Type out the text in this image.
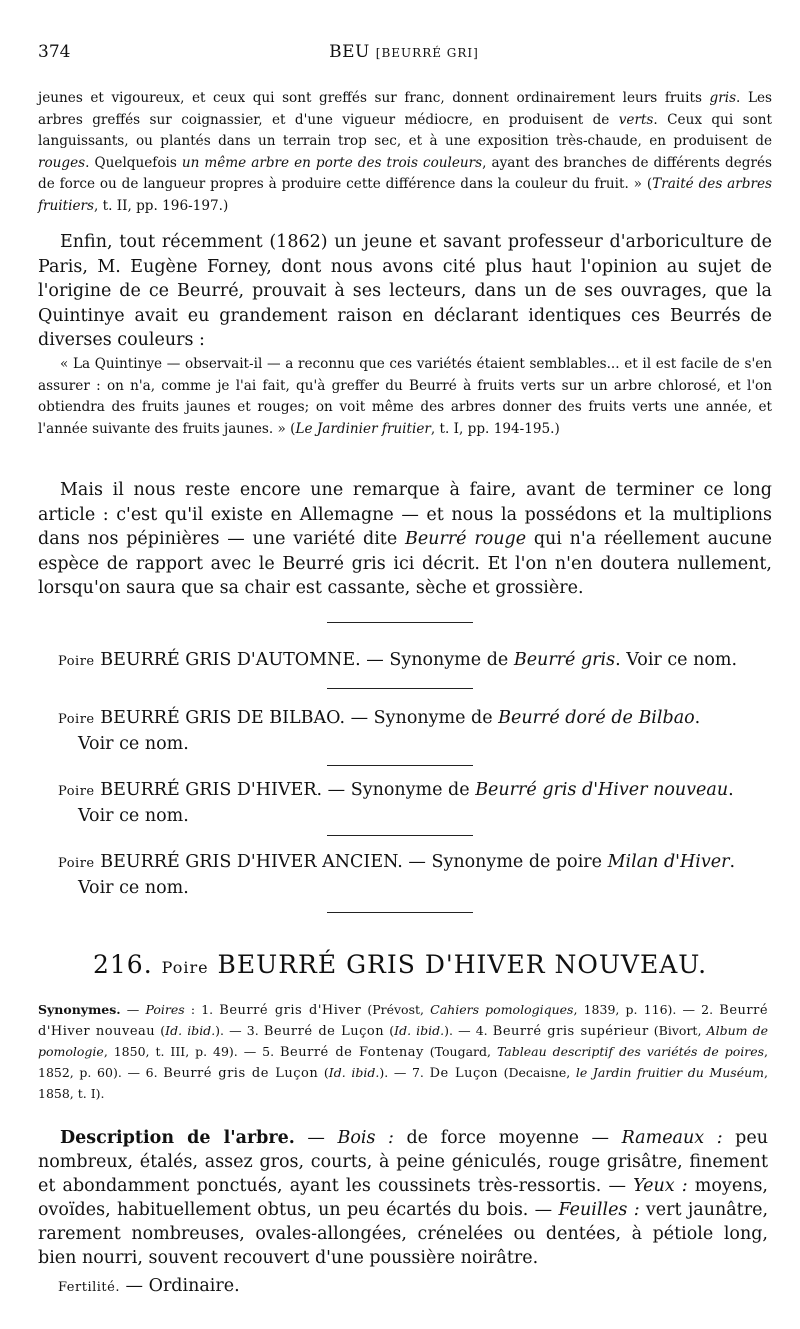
374	BEU [BEURRÉ GRI]
jeunes et vigoureux, et ceux qui sont greffés sur franc, donnent ordinairement leurs fruits gris. Les arbres greffés sur coignassier, et d'une vigueur médiocre, en produisent de verts. Ceux qui sont languissants, ou plantés dans un terrain trop sec, et à une exposition très-chaude, en produisent de rouges. Quelquefois un même arbre en porte des trois couleurs, ayant des branches de différents degrés de force ou de langueur propres à produire cette différence dans la couleur du fruit. » (Traité des arbres fruitiers, t. II, pp. 196-197.)
Enfin, tout récemment (1862) un jeune et savant professeur d'arboriculture de Paris, M. Eugène Forney, dont nous avons cité plus haut l'opinion au sujet de l'origine de ce Beurré, prouvait à ses lecteurs, dans un de ses ouvrages, que la Quintinye avait eu grandement raison en déclarant identiques ces Beurrés de diverses couleurs :
« La Quintinye — observait-il — a reconnu que ces variétés étaient semblables... et il est facile de s'en assurer : on n'a, comme je l'ai fait, qu'à greffer du Beurré à fruits verts sur un arbre chlorosé, et l'on obtiendra des fruits jaunes et rouges; on voit même des arbres donner des fruits verts une année, et l'année suivante des fruits jaunes. » (Le Jardinier fruitier, t. I, pp. 194-195.)
Mais il nous reste encore une remarque à faire, avant de terminer ce long article : c'est qu'il existe en Allemagne — et nous la possédons et la multiplions dans nos pépinières — une variété dite Beurré rouge qui n'a réellement aucune espèce de rapport avec le Beurré gris ici décrit. Et l'on n'en doutera nullement, lorsqu'on saura que sa chair est cassante, sèche et grossière.
Poire BEURRÉ GRIS D'AUTOMNE. — Synonyme de Beurré gris. Voir ce nom.
Poire BEURRÉ GRIS DE BILBAO. — Synonyme de Beurré doré de Bilbao.
Voir ce nom.
Poire BEURRÉ GRIS D'HIVER. — Synonyme de Beurré gris d'Hiver nouveau.
Voir ce nom.
Poire BEURRÉ GRIS D'HIVER ANCIEN. — Synonyme de poire Milan d'Hiver.
Voir ce nom.
216. Poire BEURRÉ GRIS D'HIVER NOUVEAU.
Synonymes. — Poires : 1. Beurré gris d'Hiver (Prévost, Cahiers pomologiques, 1839, p. 116). — 2. Beurré d'Hiver nouveau (Id. ibid.). — 3. Beurré de Luçon (Id. ibid.). — 4. Beurré gris supérieur (Bivort, Album de pomologie, 1850, t. III, p. 49). — 5. Beurré de Fontenay (Tougard, Tableau descriptif des variétés de poires, 1852, p. 60). — 6. Beurré gris de Luçon (Id. ibid.). — 7. De Luçon (Decaisne, le Jardin fruitier du Muséum, 1858, t. I).
Description de l'arbre. — Bois : de force moyenne — Rameaux : peu nombreux, étalés, assez gros, courts, à peine géniculés, rouge grisâtre, finement et abondamment ponctués, ayant les coussinets très-ressortis. — Yeux : moyens, ovoïdes, habituellement obtus, un peu écartés du bois. — Feuilles : vert jaunâtre, rarement nombreuses, ovales-allongées, crénelées ou dentées, à pétiole long, bien nourri, souvent recouvert d'une poussière noirâtre.
Fertilité. — Ordinaire.
